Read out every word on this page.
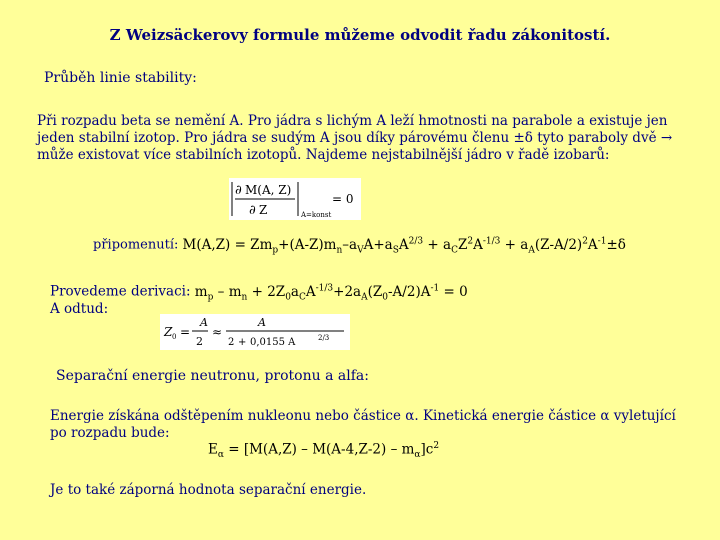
Z Weizsäckerovy formule můžeme odvodit řadu zákonitostí.
Průběh linie stability:
Při rozpadu beta se nemění A. Pro jádra s lichým A leží hmotnosti na parabole a existuje jen jeden stabilní izotop. Pro jádra se sudým A jsou díky párovému členu ±δ tyto paraboly dvě → může existovat více stabilních izotopů. Najdeme nejstabilnější jádro v řadě izobarů:
∂ M(A, Z)
∂ Z	A=konst
= 0
připomenutí: $M(A,Z) = Zm_p+(A-Z)m_n-a_VA+a_SA^{2/3} + a_CZ^2A^{-1/3} + a_A(Z-A/2)^2A^{-1}\pm\delta$
Provedeme derivaci: $m_p - m_n + 2Z_0a_CA^{-1/3}+2a_A(Z_0-A/2)A^{-1} = 0$
A odtud:
Z 0 =
A
2
≈
A
2 + 0,0155 A	2/3
Separační energie neutronu, protonu a alfa:
Energie získána odštěpením nukleonu nebo částice α. Kinetická energie částice α vyletující po rozpadu bude:
$E_\alpha = [M(A,Z) - M(A-4,Z-2) - m_\alpha]c^2$
Je to také záporná hodnota separační energie.
